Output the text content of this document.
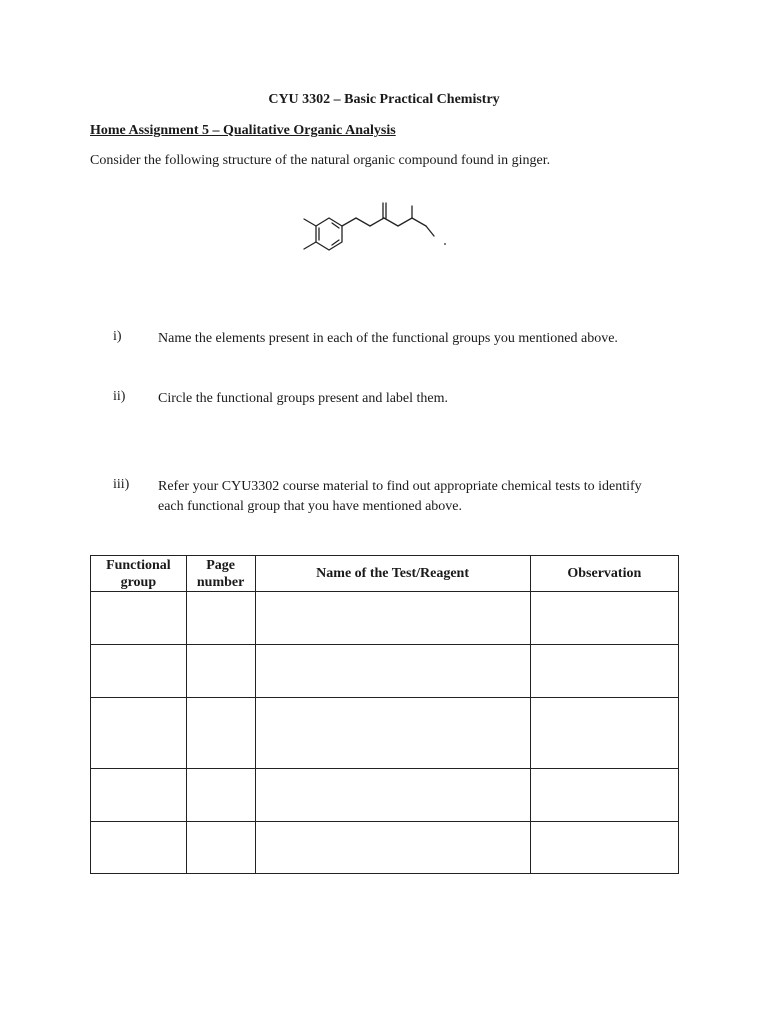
CYU 3302 – Basic Practical Chemistry
Home Assignment 5 – Qualitative Organic Analysis
Consider the following structure of the natural organic compound found in ginger.
i)	Name the elements present in each of the functional groups you mentioned above.
ii) Circle the functional groups present and label them.
iii) Refer your CYU3302 course material to find out appropriate chemical tests to identify each functional group that you have mentioned above.
Functional group	Page number	Name of the Test/Reagent	Observation
